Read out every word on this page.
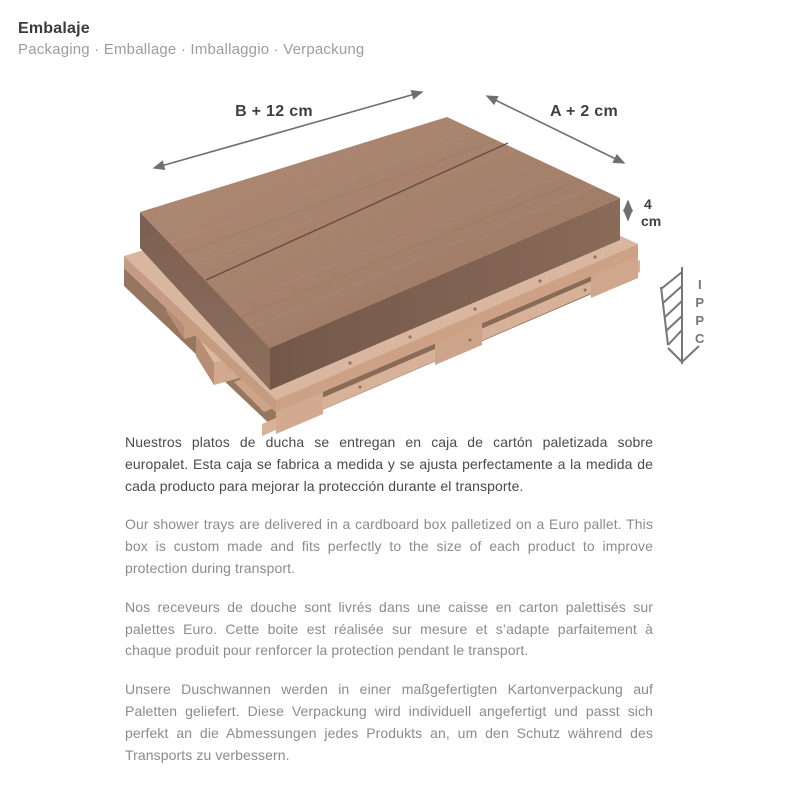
Embalaje
Packaging · Emballage · Imballaggio · Verpackung
B + 12 cm	A + 2 cm
4
cm
I
P
P
C

Nuestros platos de ducha se entregan en caja de cartón paletizada sobre europalet. Esta caja se fabrica a medida y se ajusta perfectamente a la medida de cada producto para mejorar la protección durante el transporte.

Our shower trays are delivered in a cardboard box palletized on a Euro pallet. This box is custom made and fits perfectly to the size of each product to improve protection during transport.

Nos receveurs de douche sont livrés dans une caisse en carton palettisés sur palettes Euro. Cette boite est réalisée sur mesure et s’adapte parfaitement à chaque produit pour renforcer la protection pendant le transport.

Unsere Duschwannen werden in einer maßgefertigten Kartonverpackung auf Paletten geliefert. Diese Verpackung wird individuell angefertigt und passt sich perfekt an die Abmessungen jedes Produkts an, um den Schutz während des Transports zu verbessern.
